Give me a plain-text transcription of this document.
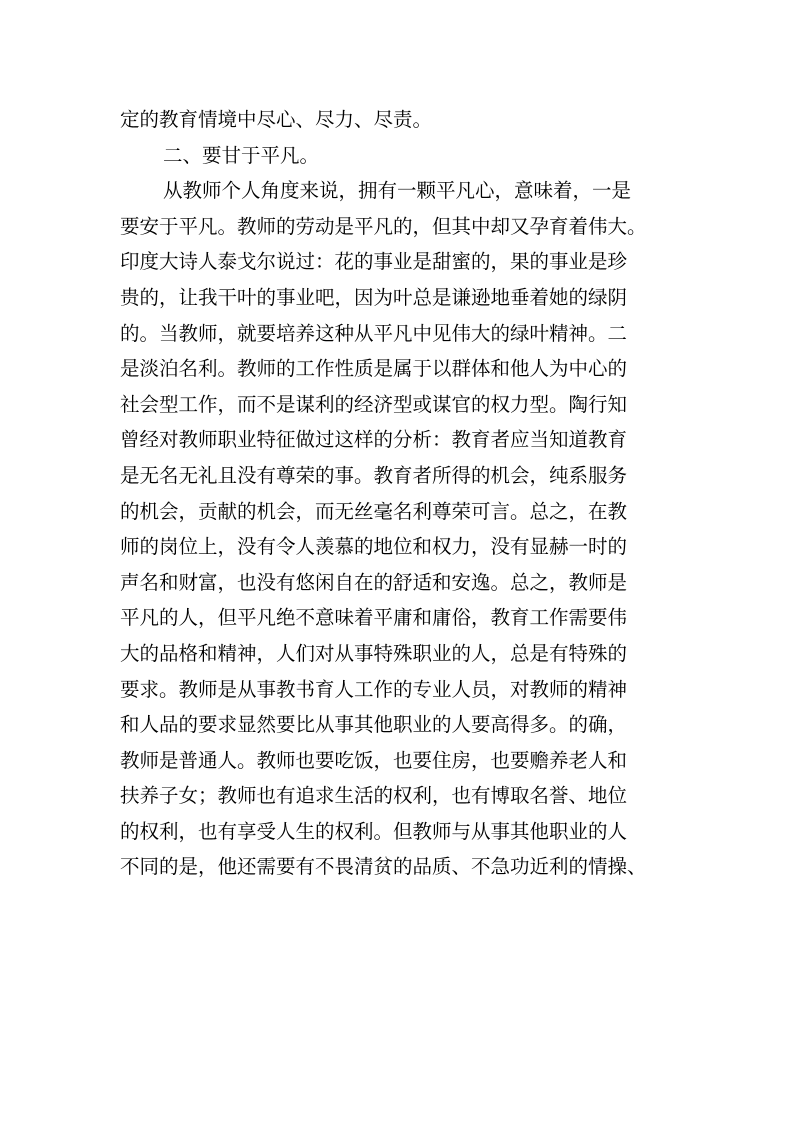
定的教育情境中尽心、尽力、尽责。
二、要甘于平凡。
从教师个人角度来说，拥有一颗平凡心，意味着，一是
要安于平凡。教师的劳动是平凡的，但其中却又孕育着伟大。
印度大诗人泰戈尔说过：花的事业是甜蜜的，果的事业是珍
贵的，让我干叶的事业吧，因为叶总是谦逊地垂着她的绿阴
的。当教师，就要培养这种从平凡中见伟大的绿叶精神。二
是淡泊名利。教师的工作性质是属于以群体和他人为中心的
社会型工作，而不是谋利的经济型或谋官的权力型。陶行知
曾经对教师职业特征做过这样的分析：教育者应当知道教育
是无名无礼且没有尊荣的事。教育者所得的机会，纯系服务
的机会，贡献的机会，而无丝毫名利尊荣可言。总之，在教
师的岗位上，没有令人羡慕的地位和权力，没有显赫一时的
声名和财富，也没有悠闲自在的舒适和安逸。总之，教师是
平凡的人，但平凡绝不意味着平庸和庸俗，教育工作需要伟
大的品格和精神，人们对从事特殊职业的人，总是有特殊的
要求。教师是从事教书育人工作的专业人员，对教师的精神
和人品的要求显然要比从事其他职业的人要高得多。的确，
教师是普通人。教师也要吃饭，也要住房，也要赡养老人和
扶养子女；教师也有追求生活的权利，也有博取名誉、地位
的权利，也有享受人生的权利。但教师与从事其他职业的人
不同的是，他还需要有不畏清贫的品质、不急功近利的情操、
